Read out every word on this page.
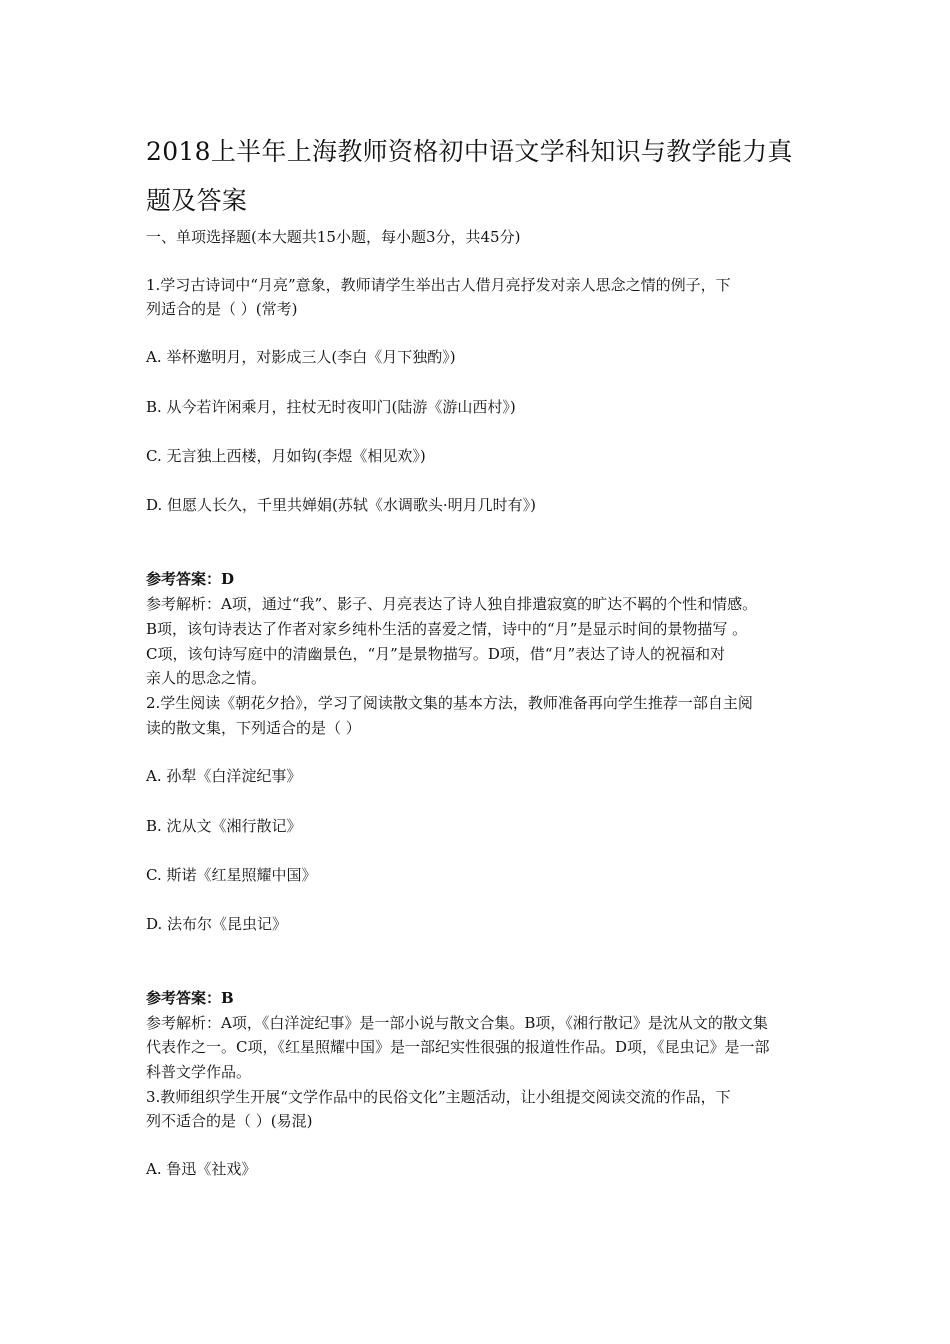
2018上半年上海教师资格初中语文学科知识与教学能力真
题及答案
一、单项选择题(本大题共15小题，每小题3分，共45分)
1.学习古诗词中“月亮”意象，教师请学生举出古人借月亮抒发对亲人思念之情的例子，下
列适合的是（ ）(常考)
A. 举杯邀明月，对影成三人(李白《月下独酌》)
B. 从今若许闲乘月，拄杖无时夜叩门(陆游《游山西村》)
C. 无言独上西楼，月如钩(李煜《相见欢》)
D. 但愿人长久，千里共婵娟(苏轼《水调歌头·明月几时有》)
参考答案：D
参考解析：A项，通过“我”、影子、月亮表达了诗人独自排遣寂寞的旷达不羁的个性和情感。
B项，该句诗表达了作者对家乡纯朴生活的喜爱之情，诗中的“月”是显示时间的景物描写 。
C项，该句诗写庭中的清幽景色，“月”是景物描写。D项，借“月”表达了诗人的祝福和对
亲人的思念之情。
2.学生阅读《朝花夕拾》，学习了阅读散文集的基本方法，教师准备再向学生推荐一部自主阅
读的散文集，下列适合的是（ ）
A. 孙犁《白洋淀纪事》
B. 沈从文《湘行散记》
C. 斯诺《红星照耀中国》
D. 法布尔《昆虫记》
参考答案：B
参考解析：A项，《白洋淀纪事》是一部小说与散文合集。B项，《湘行散记》是沈从文的散文集
代表作之一。C项，《红星照耀中国》是一部纪实性很强的报道性作品。D项，《昆虫记》是一部
科普文学作品。
3.教师组织学生开展“文学作品中的民俗文化”主题活动，让小组提交阅读交流的作品，下
列不适合的是（ ）(易混)
A. 鲁迅《社戏》
